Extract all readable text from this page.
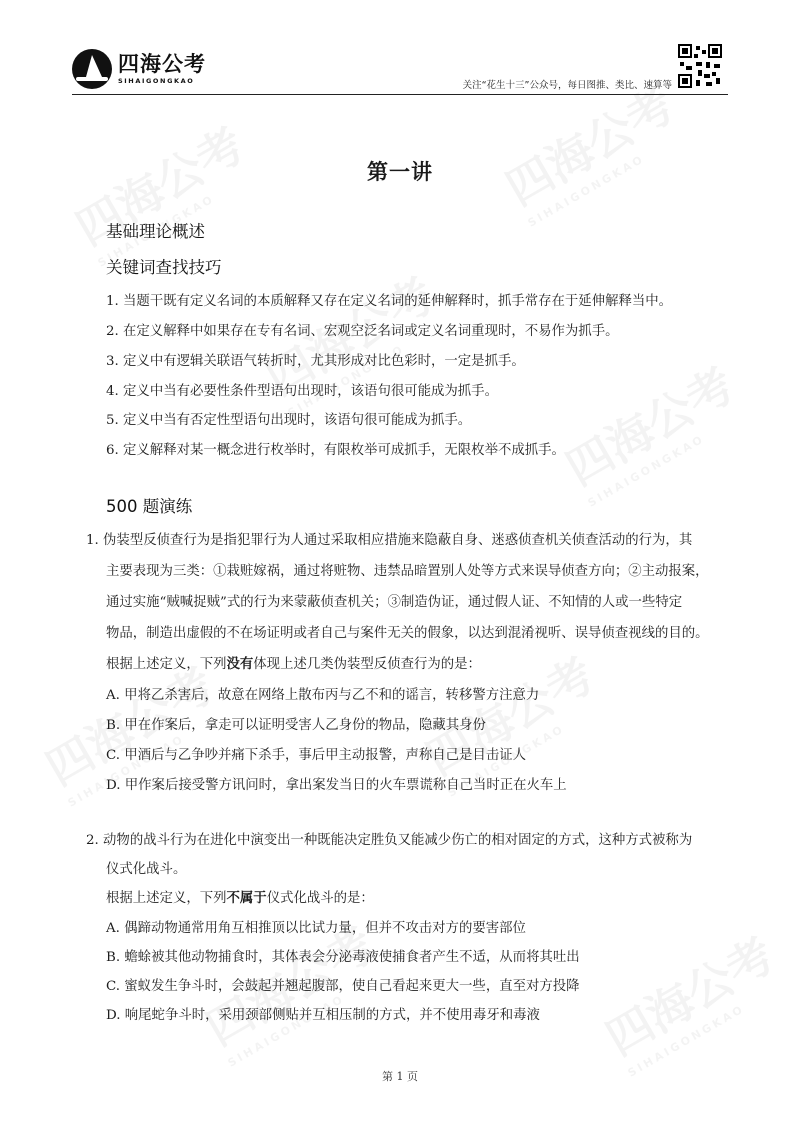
四海公考
SIHAIGONGKAO	关注“花生十三”公众号，每日图推、类比、速算等
第一讲
基础理论概述
关键词查找技巧
1. 当题干既有定义名词的本质解释又存在定义名词的延伸解释时，抓手常存在于延伸解释当中。
2. 在定义解释中如果存在专有名词、宏观空泛名词或定义名词重现时，不易作为抓手。
3. 定义中有逻辑关联语气转折时，尤其形成对比色彩时，一定是抓手。
4. 定义中当有必要性条件型语句出现时，该语句很可能成为抓手。
5. 定义中当有否定性型语句出现时，该语句很可能成为抓手。
6. 定义解释对某一概念进行枚举时，有限枚举可成抓手，无限枚举不成抓手。
500 题演练
1. 伪装型反侦查行为是指犯罪行为人通过采取相应措施来隐蔽自身、迷惑侦查机关侦查活动的行为，其
主要表现为三类：①栽赃嫁祸，通过将赃物、违禁品暗置别人处等方式来误导侦查方向；②主动报案，
通过实施“贼喊捉贼”式的行为来蒙蔽侦查机关；③制造伪证，通过假人证、不知情的人或一些特定
物品，制造出虚假的不在场证明或者自己与案件无关的假象，以达到混淆视听、误导侦查视线的目的。
根据上述定义，下列没有体现上述几类伪装型反侦查行为的是：
A. 甲将乙杀害后，故意在网络上散布丙与乙不和的谣言，转移警方注意力
B. 甲在作案后，拿走可以证明受害人乙身份的物品，隐藏其身份
C. 甲酒后与乙争吵并痛下杀手，事后甲主动报警，声称自己是目击证人
D. 甲作案后接受警方讯问时，拿出案发当日的火车票谎称自己当时正在火车上
2. 动物的战斗行为在进化中演变出一种既能决定胜负又能减少伤亡的相对固定的方式，这种方式被称为
仪式化战斗。
根据上述定义，下列不属于仪式化战斗的是：
A. 偶蹄动物通常用角互相推顶以比试力量，但并不攻击对方的要害部位
B. 蟾蜍被其他动物捕食时，其体表会分泌毒液使捕食者产生不适，从而将其吐出
C. 蜜蚁发生争斗时，会鼓起并翘起腹部，使自己看起来更大一些，直至对方投降
D. 响尾蛇争斗时，采用颈部侧贴并互相压制的方式，并不使用毒牙和毒液
第 1 页
